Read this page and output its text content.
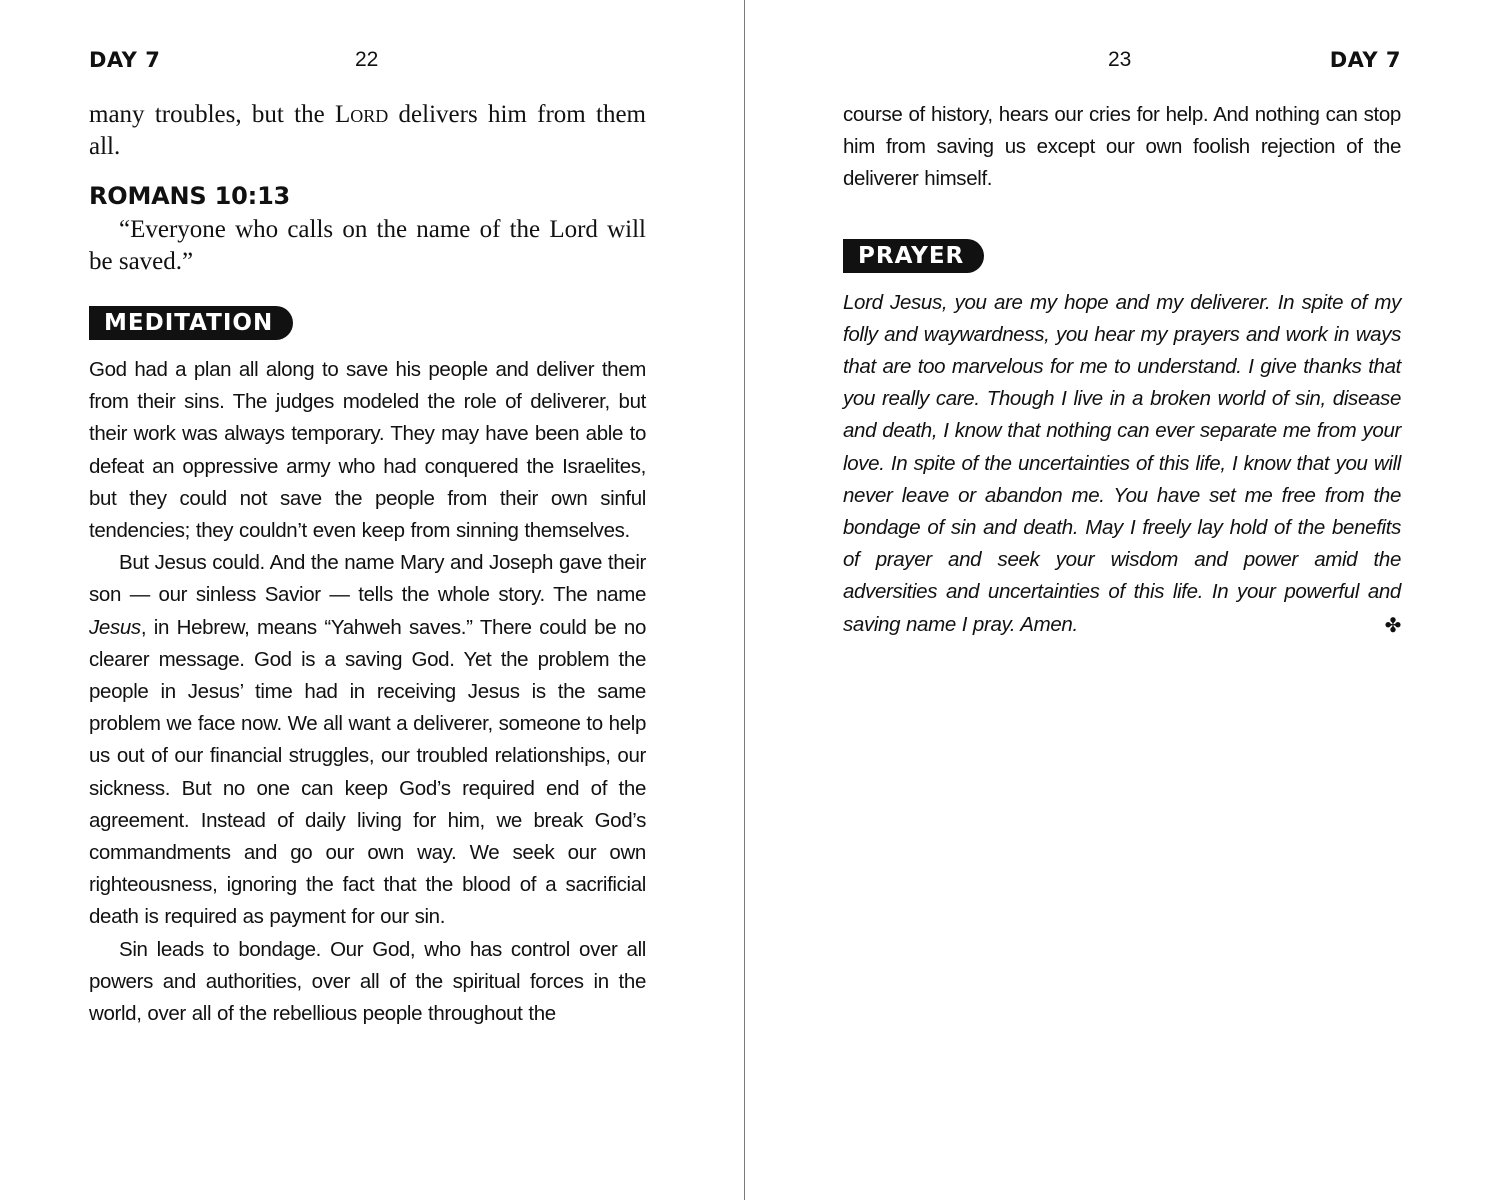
DAY 7	22

many troubles, but the Lord delivers him from them all.

ROMANS 10:13

“Everyone who calls on the name of the Lord will be saved.”

MEDITATION

God had a plan all along to save his people and deliver them from their sins. The judges modeled the role of deliverer, but their work was always temporary. They may have been able to defeat an oppressive army who had conquered the Israelites, but they could not save the people from their own sinful tendencies; they couldn’t even keep from sinning themselves.

But Jesus could. And the name Mary and Joseph gave their son — our sinless Savior — tells the whole story. The name Jesus, in Hebrew, means “Yahweh saves.” There could be no clearer message. God is a saving God. Yet the problem the people in Jesus’ time had in receiving Jesus is the same problem we face now. We all want a deliverer, someone to help us out of our financial struggles, our troubled relationships, our sickness. But no one can keep God’s required end of the agreement. Instead of daily living for him, we break God’s commandments and go our own way. We seek our own righteousness, ignoring the fact that the blood of a sacrificial death is required as payment for our sin.

Sin leads to bondage. Our God, who has control over all powers and authorities, over all of the spiritual forces in the world, over all of the rebellious people throughout the

23	DAY 7

course of history, hears our cries for help. And nothing can stop him from saving us except our own foolish rejection of the deliverer himself.

PRAYER

Lord Jesus, you are my hope and my deliverer. In spite of my folly and waywardness, you hear my prayers and work in ways that are too marvelous for me to understand. I give thanks that you really care. Though I live in a broken world of sin, disease and death, I know that nothing can ever separate me from your love. In spite of the uncertainties of this life, I know that you will never leave or abandon me. You have set me free from the bondage of sin and death. May I freely lay hold of the benefits of prayer and seek your wisdom and power amid the adversities and uncertainties of this life. In your powerful and saving name I pray. Amen.	✤
